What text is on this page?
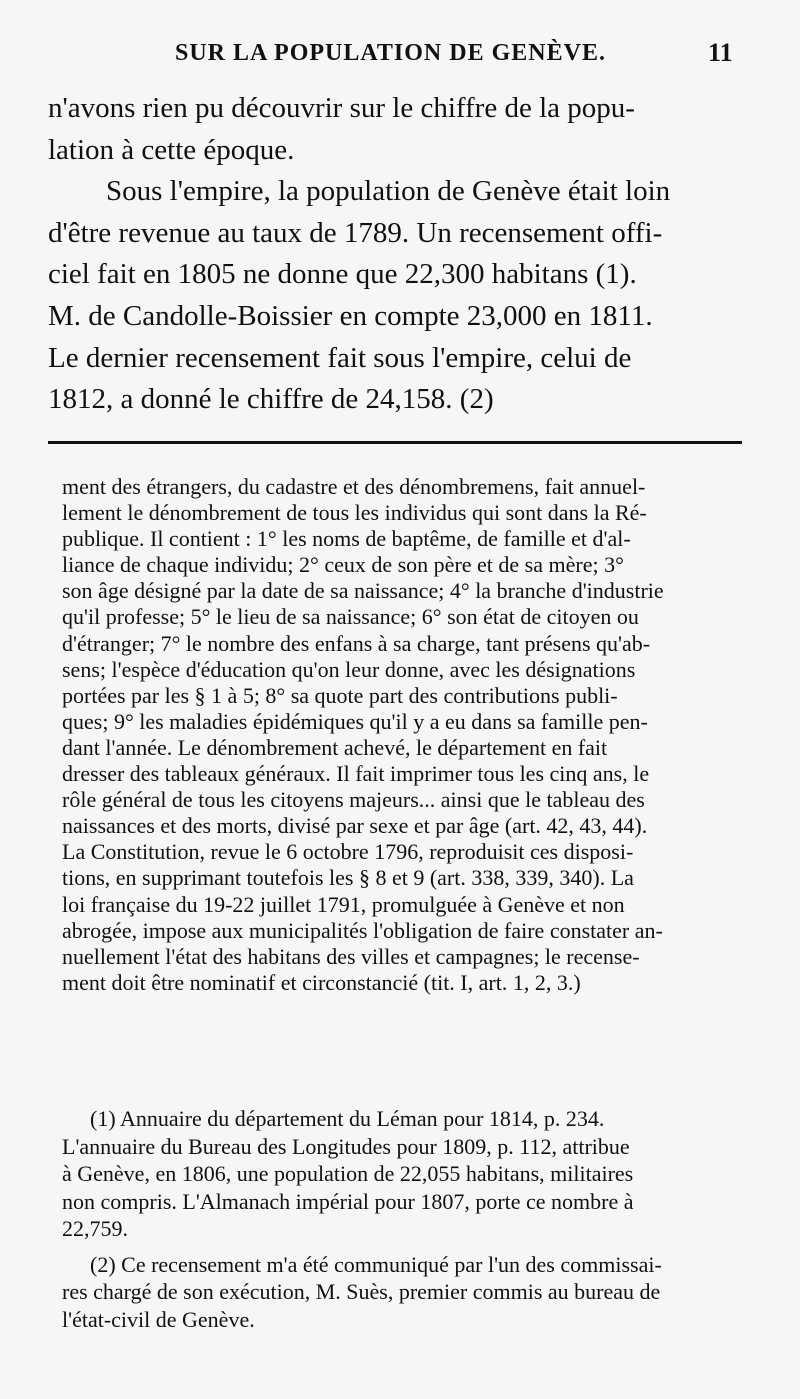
SUR LA POPULATION DE GENÈVE.	11

n'avons rien pu découvrir sur le chiffre de la popu-
lation à cette époque.

Sous l'empire, la population de Genève était loin
d'être revenue au taux de 1789. Un recensement offi-
ciel fait en 1805 ne donne que 22,300 habitans (1).
M. de Candolle-Boissier en compte 23,000 en 1811.
Le dernier recensement fait sous l'empire, celui de
1812, a donné le chiffre de 24,158. (2)

ment des étrangers, du cadastre et des dénombremens, fait annuel-
lement le dénombrement de tous les individus qui sont dans la Ré-
publique. Il contient : 1° les noms de baptême, de famille et d'al-
liance de chaque individu; 2° ceux de son père et de sa mère; 3°
son âge désigné par la date de sa naissance; 4° la branche d'industrie
qu'il professe; 5° le lieu de sa naissance; 6° son état de citoyen ou
d'étranger; 7° le nombre des enfans à sa charge, tant présens qu'ab-
sens; l'espèce d'éducation qu'on leur donne, avec les désignations
portées par les § 1 à 5; 8° sa quote part des contributions publi-
ques; 9° les maladies épidémiques qu'il y a eu dans sa famille pen-
dant l'année. Le dénombrement achevé, le département en fait
dresser des tableaux généraux. Il fait imprimer tous les cinq ans, le
rôle général de tous les citoyens majeurs... ainsi que le tableau des
naissances et des morts, divisé par sexe et par âge (art. 42, 43, 44).
La Constitution, revue le 6 octobre 1796, reproduisit ces disposi-
tions, en supprimant toutefois les § 8 et 9 (art. 338, 339, 340). La
loi française du 19-22 juillet 1791, promulguée à Genève et non
abrogée, impose aux municipalités l'obligation de faire constater an-
nuellement l'état des habitans des villes et campagnes; le recense-
ment doit être nominatif et circonstancié (tit. I, art. 1, 2, 3.)

(1) Annuaire du département du Léman pour 1814, p. 234.
L'annuaire du Bureau des Longitudes pour 1809, p. 112, attribue
à Genève, en 1806, une population de 22,055 habitans, militaires
non compris. L'Almanach impérial pour 1807, porte ce nombre à
22,759.

(2) Ce recensement m'a été communiqué par l'un des commissai-
res chargé de son exécution, M. Suès, premier commis au bureau de
l'état-civil de Genève.
